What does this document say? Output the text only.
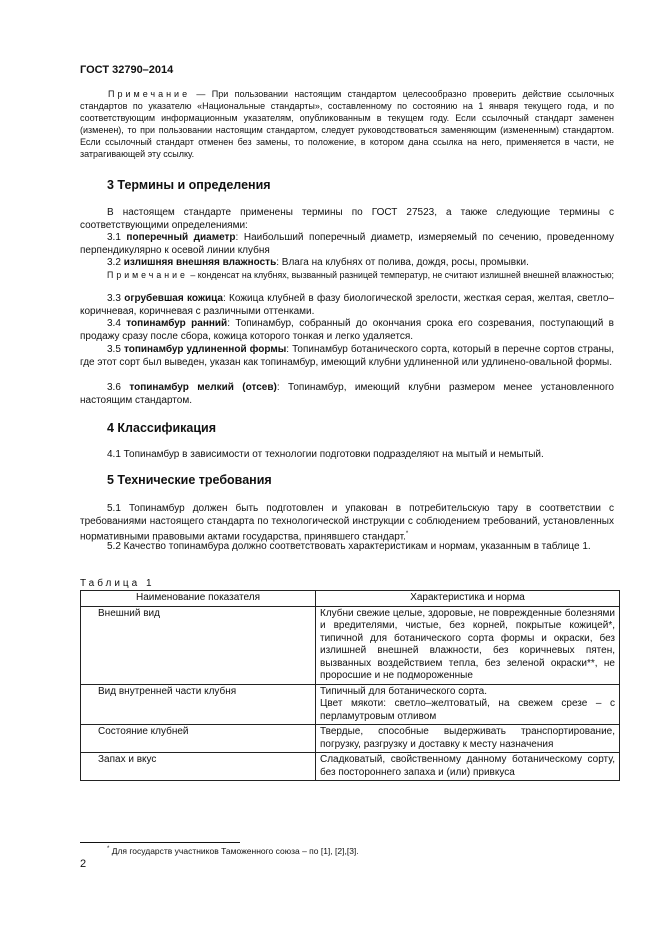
ГОСТ 32790–2014
Примечание — При пользовании настоящим стандартом целесообразно проверить действие ссылочных стандартов по указателю «Национальные стандарты», составленному по состоянию на 1 января текущего года, и по соответствующим информационным указателям, опубликованным в текущем году. Если ссылочный стандарт заменен (изменен), то при пользовании настоящим стандартом, следует руководствоваться заменяющим (измененным) стандартом. Если ссылочный стандарт отменен без замены, то положение, в котором дана ссылка на него, применяется в части, не затрагивающей эту ссылку.
3 Термины и определения
В настоящем стандарте применены термины по ГОСТ 27523, а также следующие термины с соответствующими определениями:
3.1 поперечный диаметр: Наибольший поперечный диаметр, измеряемый по сечению, проведенному перпендикулярно к осевой линии клубня
3.2 излишняя внешняя влажность: Влага на клубнях от полива, дождя, росы, промывки.
Примечание – конденсат на клубнях, вызванный разницей температур, не считают излишней внешней влажностью;
3.3 огрубевшая кожица: Кожица клубней в фазу биологической зрелости, жесткая серая, желтая, светло–коричневая, коричневая с различными оттенками.
3.4 топинамбур ранний: Топинамбур, собранный до окончания срока его созревания, поступающий в продажу сразу после сбора, кожица которого тонкая и легко удаляется.
3.5 топинамбур удлиненной формы: Топинамбур ботанического сорта, который в перечне сортов страны, где этот сорт был выведен, указан как топинамбур, имеющий клубни удлиненной или удлинено-овальной формы.
3.6 топинамбур мелкий (отсев): Топинамбур, имеющий клубни размером менее установленного настоящим стандартом.
4 Классификация
4.1 Топинамбур в зависимости от технологии подготовки подразделяют на мытый и немытый.
5 Технические требования
5.1 Топинамбур должен быть подготовлен и упакован в потребительскую тару в соответствии с требованиями настоящего стандарта по технологической инструкции с соблюдением требований, установленных нормативными правовыми актами государства, принявшего стандарт.*
5.2 Качество топинамбура должно соответствовать характеристикам и нормам, указанным в таблице 1.
Таблица 1
Наименование показателя	Характеристика и норма
Внешний вид	Клубни свежие целые, здоровые, не поврежденные болезнями и вредителями, чистые, без корней, покрытые кожицей*, типичной для ботанического сорта формы и окраски, без излишней внешней влажности, без коричневых пятен, вызванных воздействием тепла, без зеленой окраски**, не проросшие и не подмороженные
Вид внутренней части клубня	Типичный для ботанического сорта.
Цвет мякоти: светло–желтоватый, на свежем срезе – с перламутровым отливом

Состояние клубней	Твердые, способные выдерживать транспортирование, погрузку, разгрузку и доставку к месту назначения
Запах и вкус	Сладковатый, свойственному данному ботаническому сорту, без постороннего запаха и (или) привкуса
* Для государств участников Таможенного союза – по [1], [2],[3].
2
